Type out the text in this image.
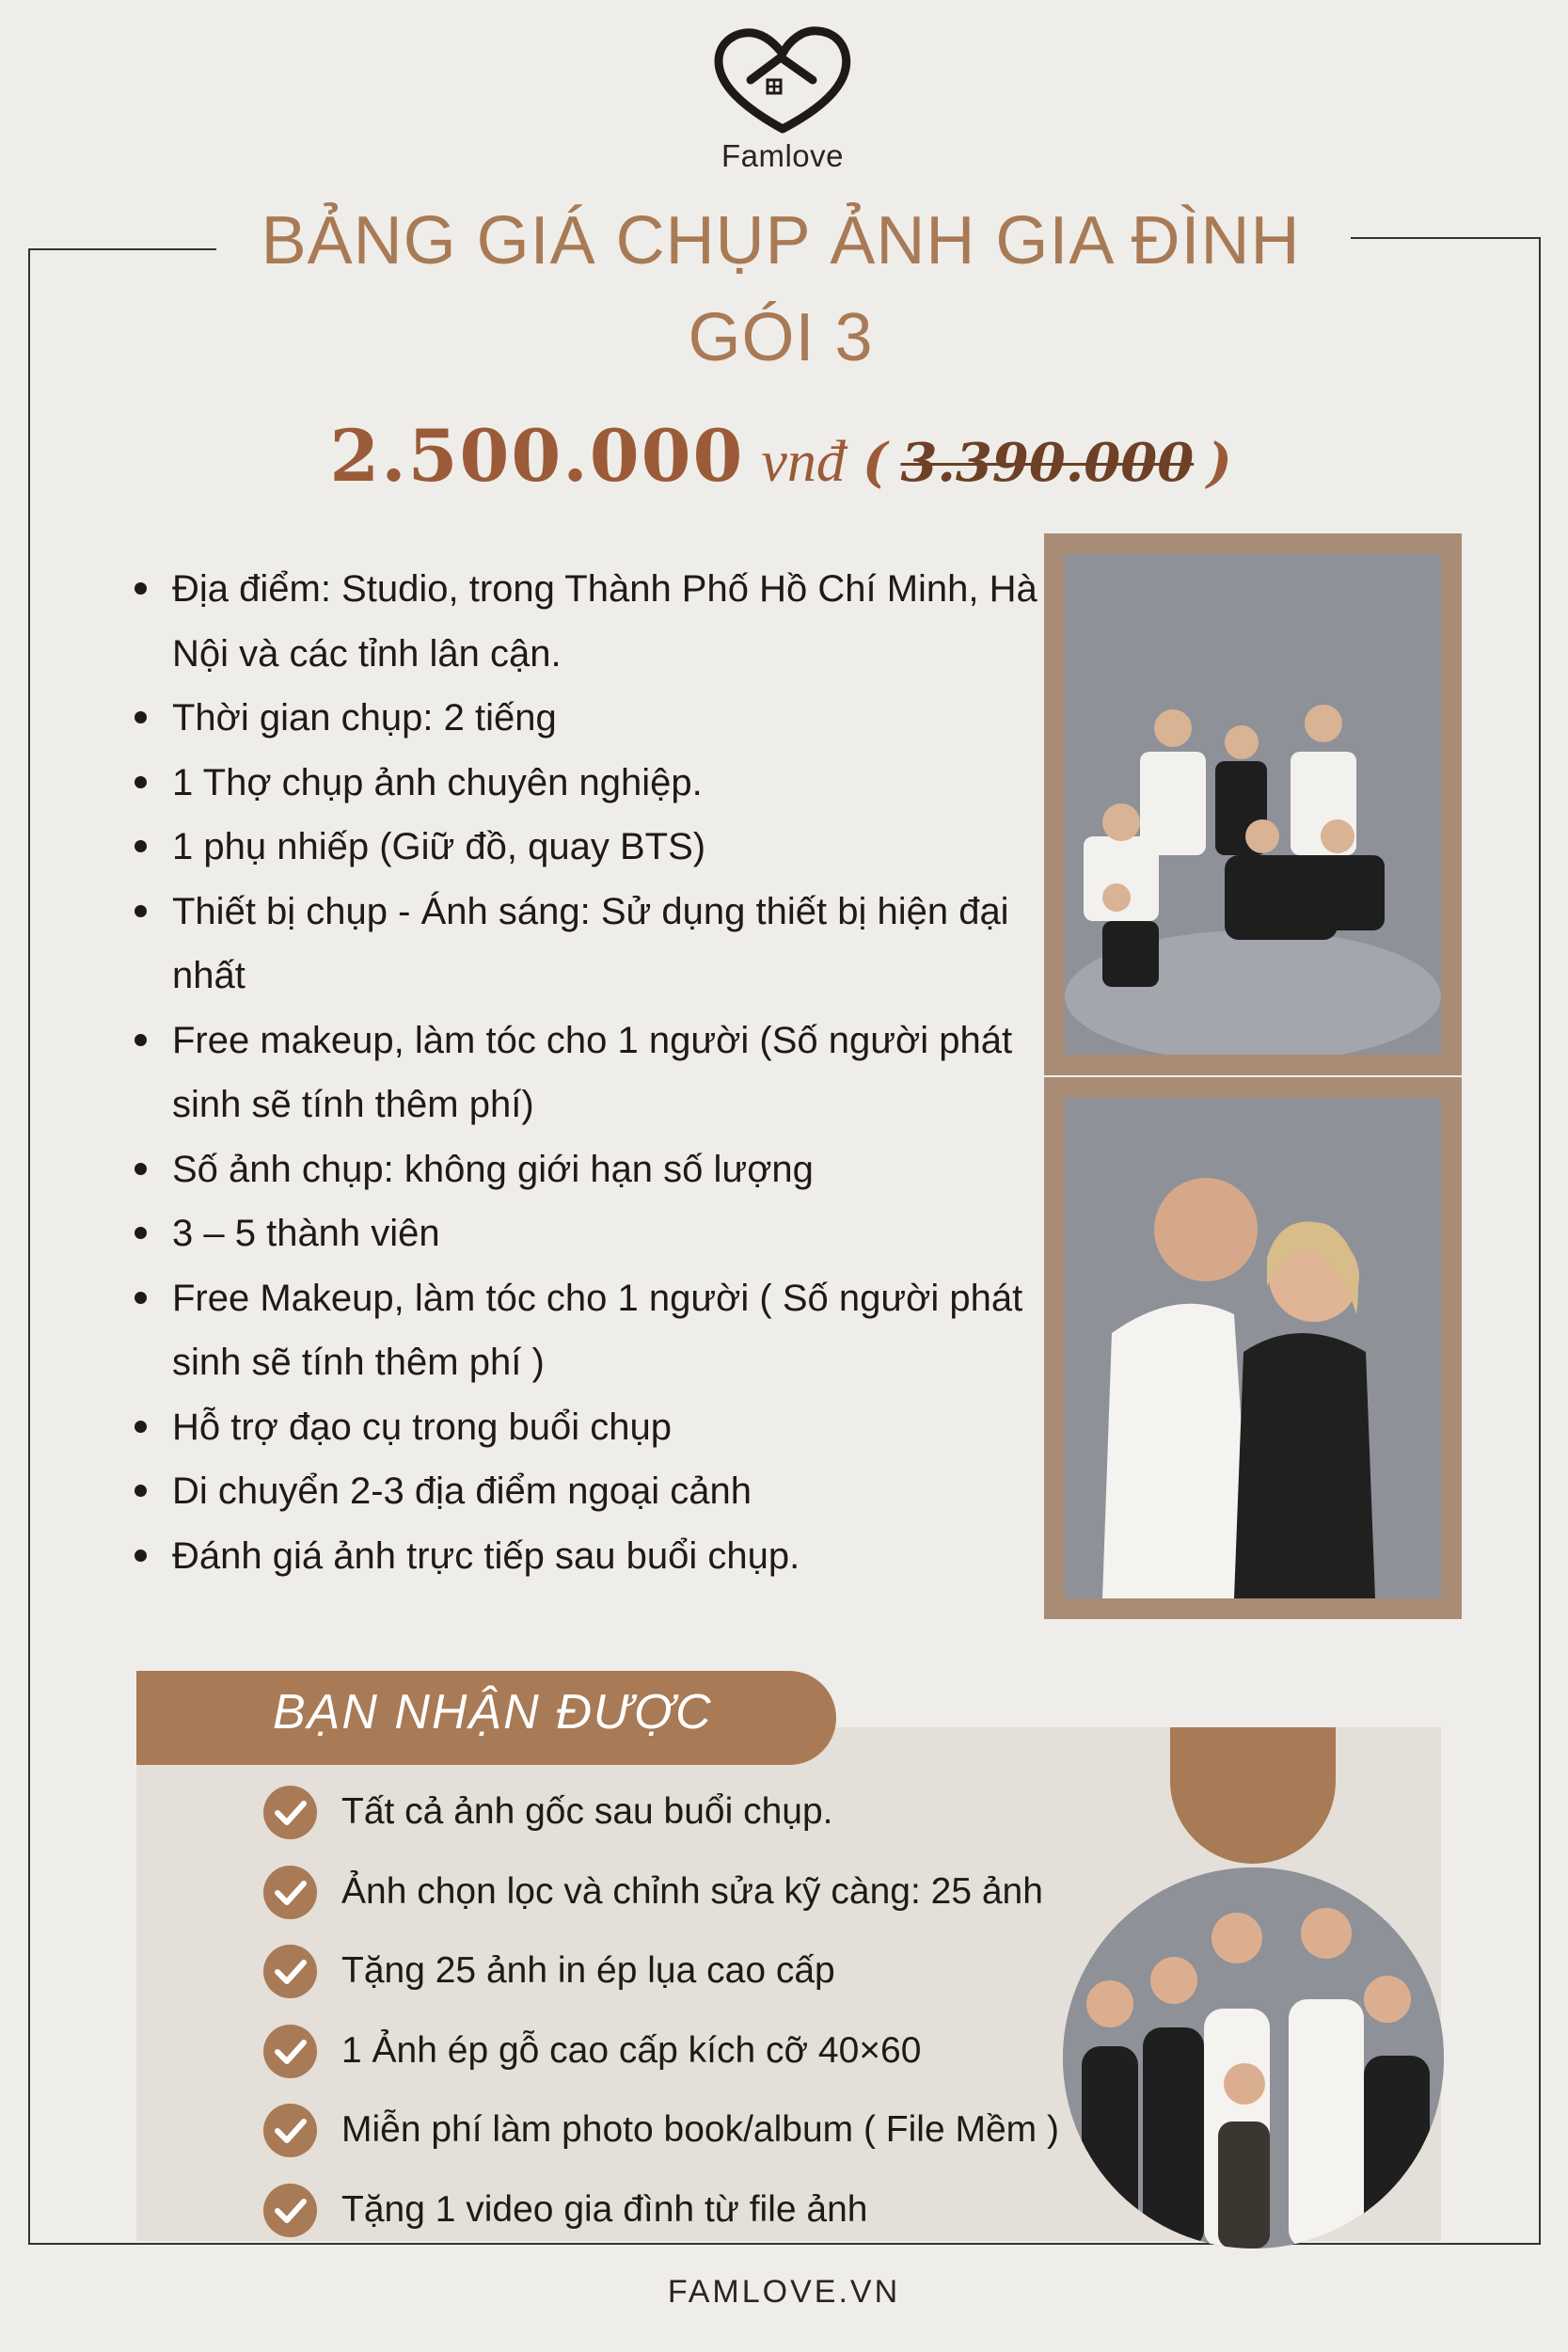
Famlove
BẢNG GIÁ CHỤP ẢNH GIA ĐÌNH
GÓI 3
2.500.000 vnđ ( 3.390.000 )
Địa điểm: Studio, trong Thành Phố Hồ Chí Minh, Hà Nội và các tỉnh lân cận.
Thời gian chụp: 2 tiếng
1 Thợ chụp ảnh chuyên nghiệp.
1 phụ nhiếp (Giữ đồ, quay BTS)
Thiết bị chụp - Ánh sáng: Sử dụng thiết bị hiện đại nhất
Free makeup, làm tóc cho 1 người (Số người phát sinh sẽ tính thêm phí)
Số ảnh chụp: không giới hạn số lượng
3 – 5 thành viên
Free Makeup, làm tóc cho 1 người ( Số người phát sinh sẽ tính thêm phí )
Hỗ trợ đạo cụ trong buổi chụp
Di chuyển 2-3 địa điểm ngoại cảnh
Đánh giá ảnh trực tiếp sau buổi chụp.
BẠN NHẬN ĐƯỢC
Tất cả ảnh gốc sau buổi chụp.
Ảnh chọn lọc và chỉnh sửa kỹ càng: 25 ảnh
Tặng 25 ảnh in ép lụa cao cấp
1 Ảnh ép gỗ cao cấp kích cỡ 40×60
Miễn phí làm photo book/album ( File Mềm )
Tặng 1 video gia đình từ file ảnh
FAMLOVE.VN
